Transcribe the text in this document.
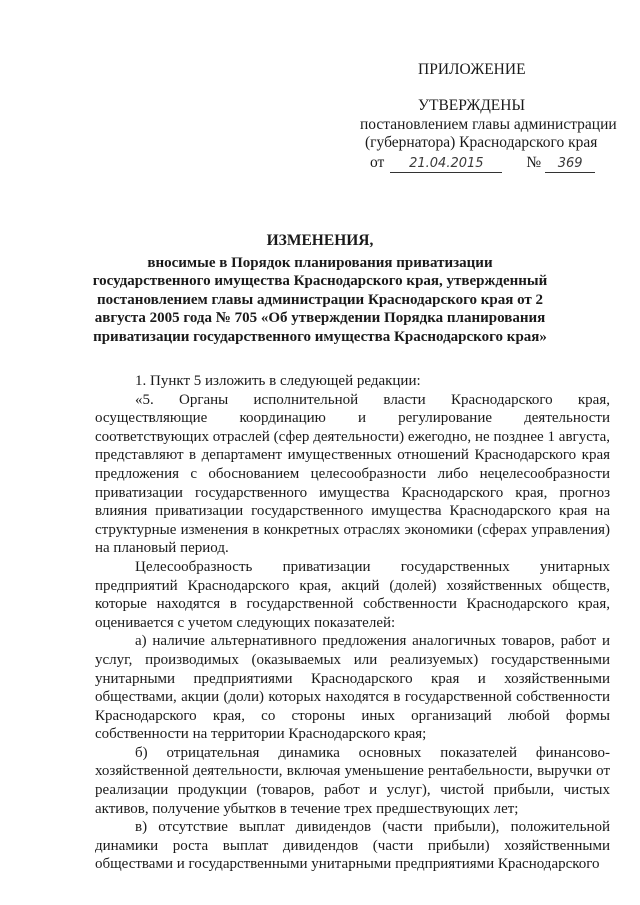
ПРИЛОЖЕНИЕ
УТВЕРЖДЕНЫ
постановлением главы администрации
(губернатора) Краснодарского края
от	21.04.2015	№	369
ИЗМЕНЕНИЯ,
вносимые в Порядок планирования приватизации государственного имущества Краснодарского края, утвержденный постановлением главы администрации Краснодарского края от 2 августа 2005 года № 705 «Об утверждении Порядка планирования приватизации государственного имущества Краснодарского края»

1. Пункт 5 изложить в следующей редакции:

«5. Органы исполнительной власти Краснодарского края, осуществляющие координацию и регулирование деятельности соответствующих отраслей (сфер деятельности) ежегодно, не позднее 1 августа, представляют в департамент имущественных отношений Краснодарского края предложения с обоснованием целесообразности либо нецелесообразности приватизации государственного имущества Краснодарского края, прогноз влияния приватизации государственного имущества Краснодарского края на структурные изменения в конкретных отраслях экономики (сферах управления) на плановый период.

Целесообразность приватизации государственных унитарных предприятий Краснодарского края, акций (долей) хозяйственных обществ, которые находятся в государственной собственности Краснодарского края, оценивается с учетом следующих показателей:

а) наличие альтернативного предложения аналогичных товаров, работ и услуг, производимых (оказываемых или реализуемых) государственными унитарными предприятиями Краснодарского края и хозяйственными обществами, акции (доли) которых находятся в государственной собственности Краснодарского края, со стороны иных организаций любой формы собственности на территории Краснодарского края;

б) отрицательная динамика основных показателей финансово-хозяйственной деятельности, включая уменьшение рентабельности, выручки от реализации продукции (товаров, работ и услуг), чистой прибыли, чистых активов, получение убытков в течение трех предшествующих лет;

в) отсутствие выплат дивидендов (части прибыли), положительной динамики роста выплат дивидендов (части прибыли) хозяйственными обществами и государственными унитарными предприятиями Краснодарского
